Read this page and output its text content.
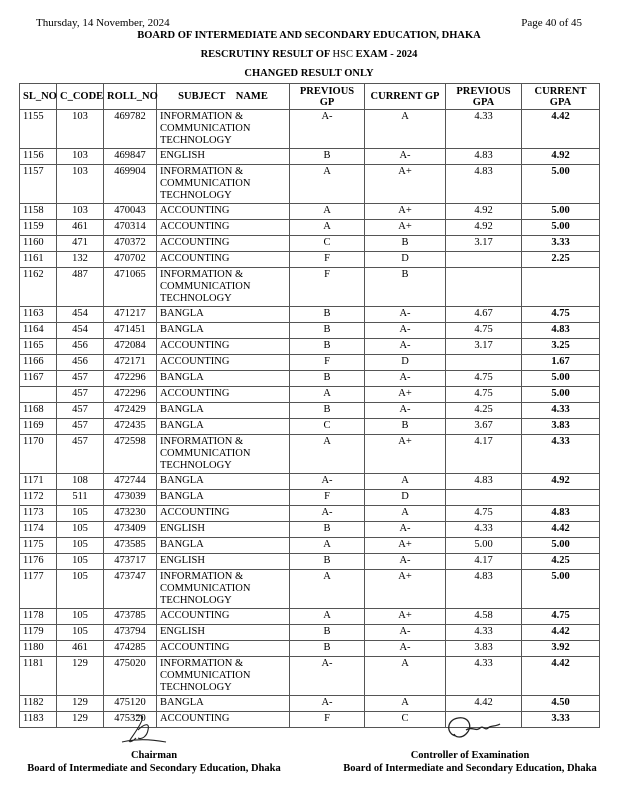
Thursday, 14 November, 2024	Page 40 of 45
BOARD OF INTERMEDIATE AND SECONDARY EDUCATION, DHAKA
RESCRUTINY RESULT OF HSC EXAM - 2024
CHANGED RESULT ONLY
SL_NO	C_CODE	ROLL_NO	SUBJECT    NAME	PREVIOUS GP	CURRENT GP	PREVIOUS GPA	CURRENT GPA
1155	103	469782	INFORMATION & COMMUNICATION TECHNOLOGY	A-	A	4.33	4.42
1156	103	469847	ENGLISH	B	A-	4.83	4.92
1157	103	469904	INFORMATION & COMMUNICATION TECHNOLOGY	A	A+	4.83	5.00
1158	103	470043	ACCOUNTING	A	A+	4.92	5.00
1159	461	470314	ACCOUNTING	A	A+	4.92	5.00
1160	471	470372	ACCOUNTING	C	B	3.17	3.33
1161	132	470702	ACCOUNTING	F	D		2.25
1162	487	471065	INFORMATION & COMMUNICATION TECHNOLOGY	F	B		
1163	454	471217	BANGLA	B	A-	4.67	4.75
1164	454	471451	BANGLA	B	A-	4.75	4.83
1165	456	472084	ACCOUNTING	B	A-	3.17	3.25
1166	456	472171	ACCOUNTING	F	D		1.67
1167	457	472296	BANGLA	B	A-	4.75	5.00
	457	472296	ACCOUNTING	A	A+	4.75	5.00
1168	457	472429	BANGLA	B	A-	4.25	4.33
1169	457	472435	BANGLA	C	B	3.67	3.83
1170	457	472598	INFORMATION & COMMUNICATION TECHNOLOGY	A	A+	4.17	4.33
1171	108	472744	BANGLA	A-	A	4.83	4.92
1172	511	473039	BANGLA	F	D		
1173	105	473230	ACCOUNTING	A-	A	4.75	4.83
1174	105	473409	ENGLISH	B	A-	4.33	4.42
1175	105	473585	BANGLA	A	A+	5.00	5.00
1176	105	473717	ENGLISH	B	A-	4.17	4.25
1177	105	473747	INFORMATION & COMMUNICATION TECHNOLOGY	A	A+	4.83	5.00
1178	105	473785	ACCOUNTING	A	A+	4.58	4.75
1179	105	473794	ENGLISH	B	A-	4.33	4.42
1180	461	474285	ACCOUNTING	B	A-	3.83	3.92
1181	129	475020	INFORMATION & COMMUNICATION TECHNOLOGY	A-	A	4.33	4.42
1182	129	475120	BANGLA	A-	A	4.42	4.50
1183	129	475320	ACCOUNTING	F	C		3.33
Chairman
Board of Intermediate and Secondary Education, Dhaka
Controller of Examination
Board of Intermediate and Secondary Education, Dhaka
